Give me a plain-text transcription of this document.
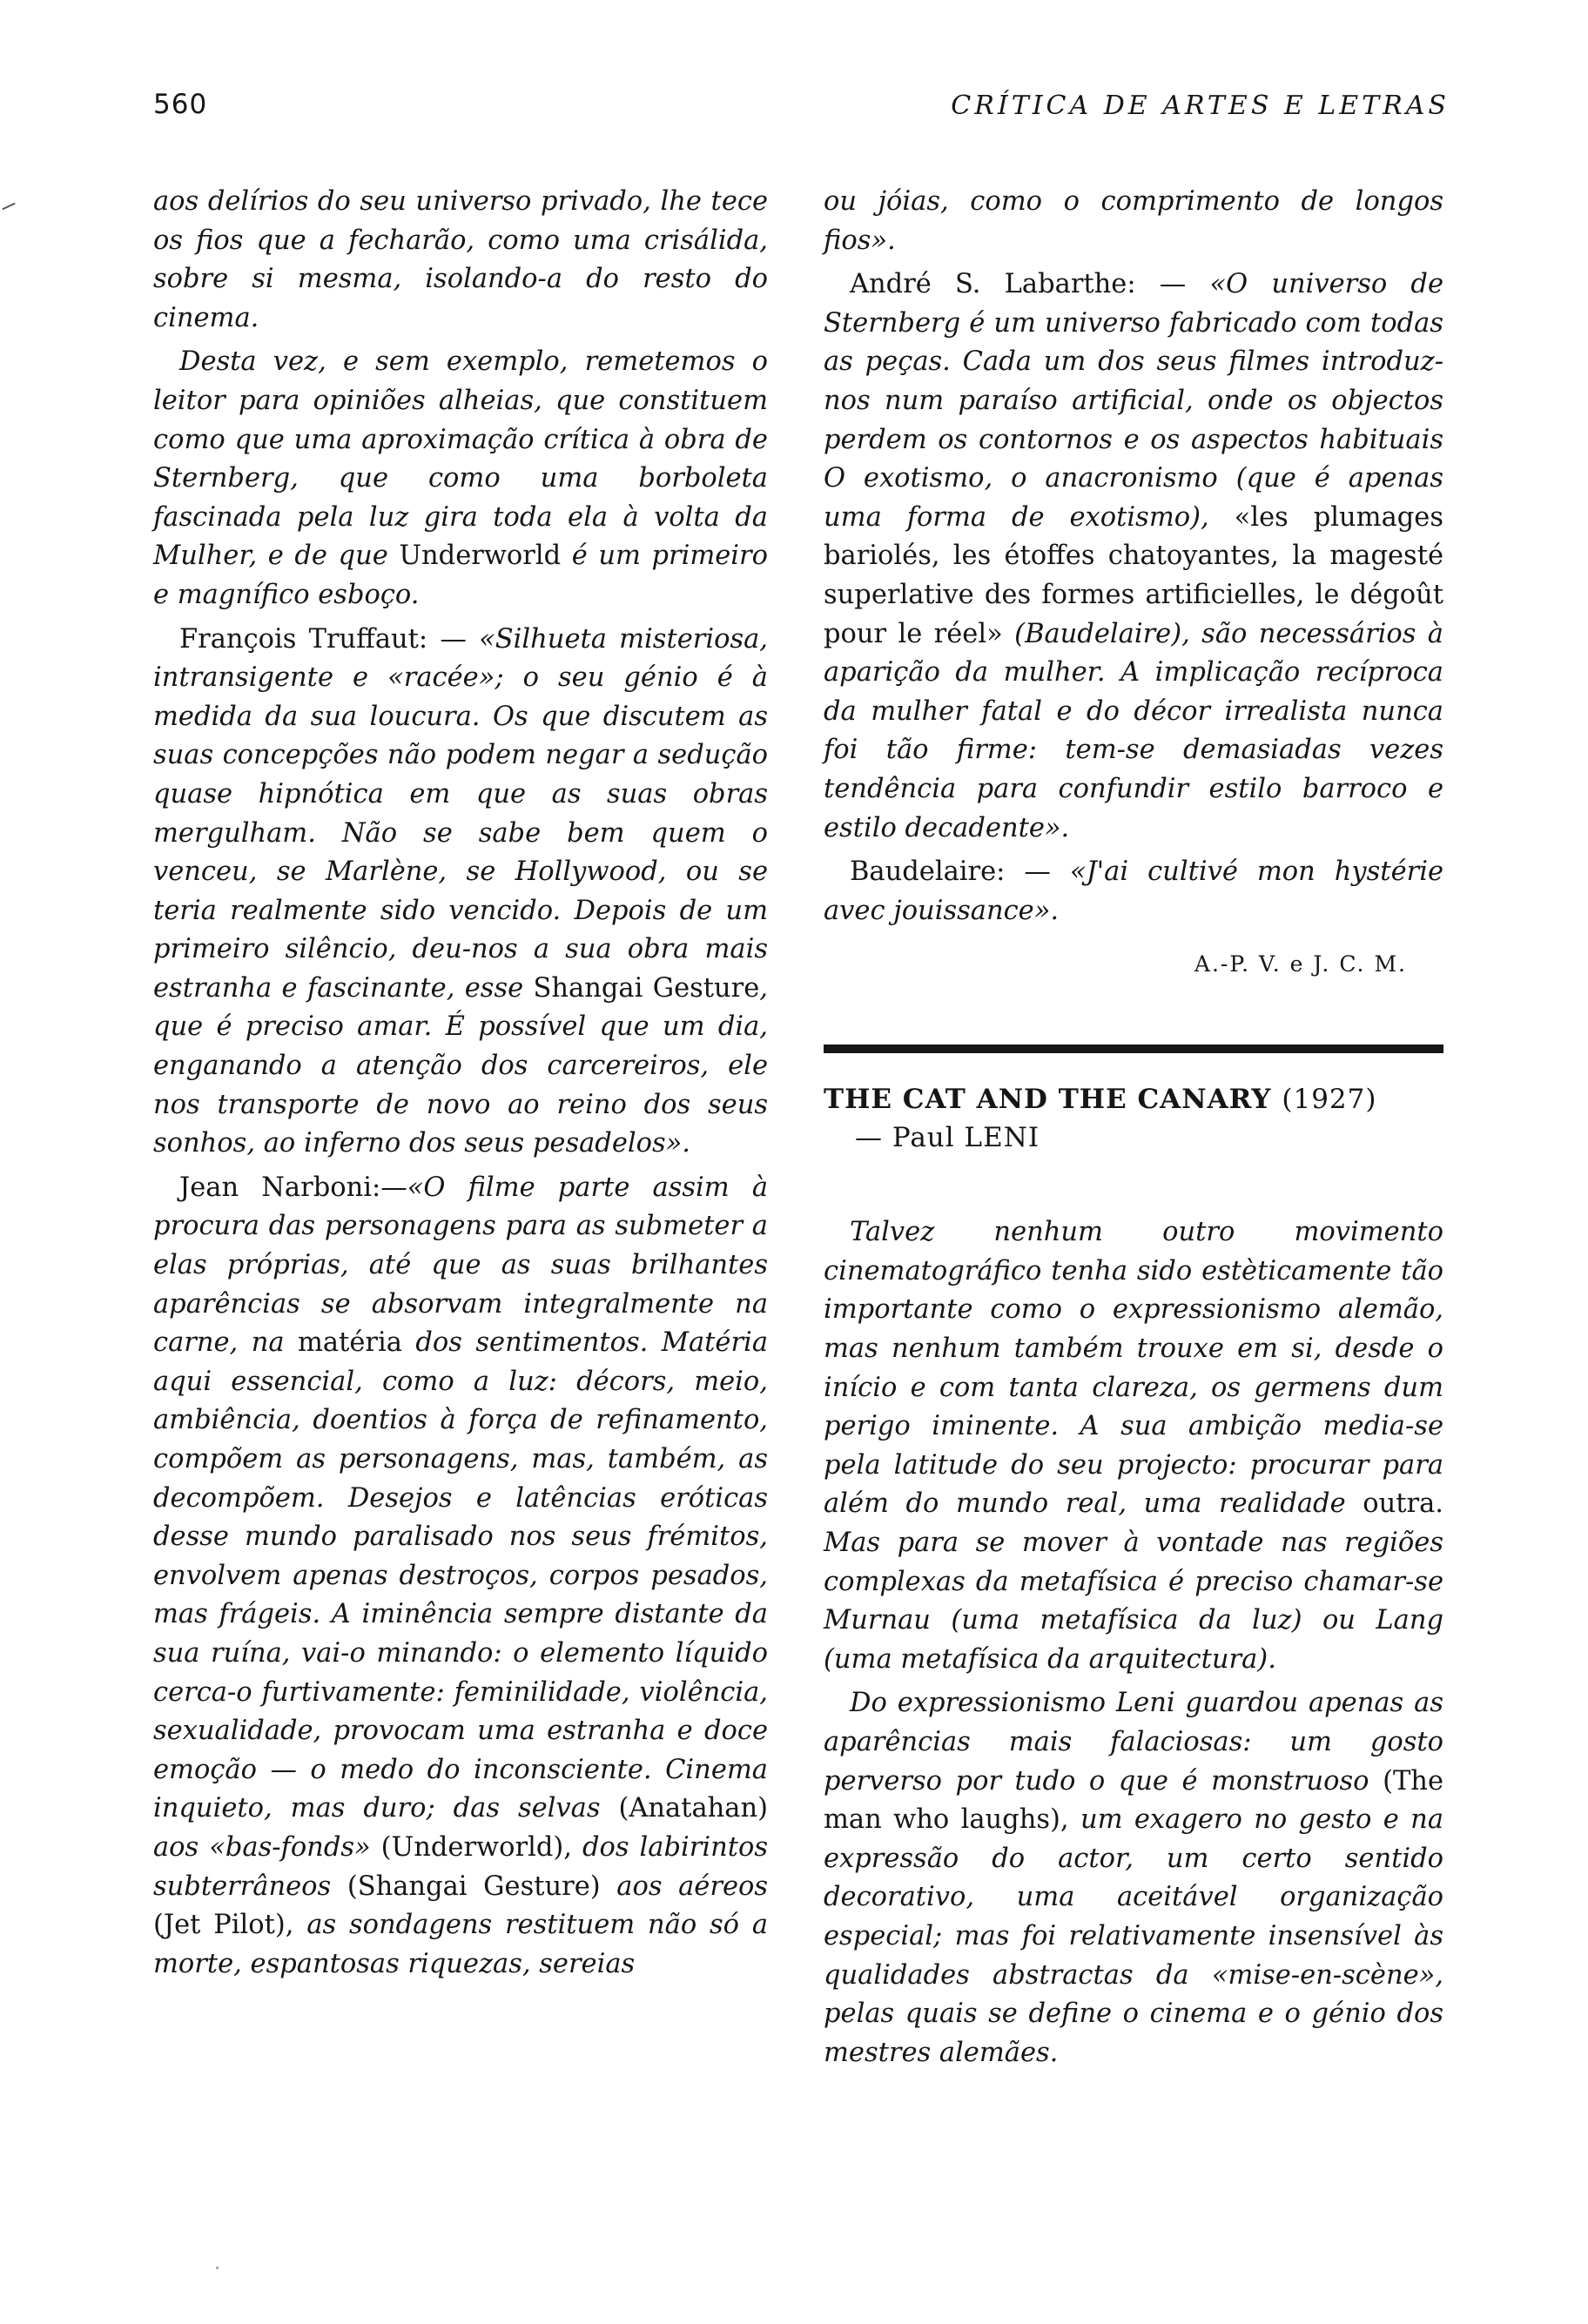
560	CRÍTICA DE ARTES E LETRAS

aos delírios do seu universo privado, lhe tece os fios que a fecharão, como uma crisálida, sobre si mesma, isolando-a do resto do cinema.

Desta vez, e sem exemplo, remetemos o leitor para opiniões alheias, que constituem como que uma aproximação crítica à obra de Sternberg, que como uma borboleta fascinada pela luz gira toda ela à volta da Mulher, e de que Underworld é um primeiro e magnífico esboço.

François Truffaut: — «Silhueta misteriosa, intransigente e «racée»; o seu génio é à medida da sua loucura. Os que discutem as suas concepções não podem negar a sedução quase hipnótica em que as suas obras mergulham. Não se sabe bem quem o venceu, se Marlène, se Hollywood, ou se teria realmente sido vencido. Depois de um primeiro silêncio, deu-nos a sua obra mais estranha e fascinante, esse Shangai Gesture, que é preciso amar. É possível que um dia, enganando a atenção dos carcereiros, ele nos transporte de novo ao reino dos seus sonhos, ao inferno dos seus pesadelos».

Jean Narboni:—«O filme parte assim à procura das personagens para as submeter a elas próprias, até que as suas brilhantes aparências se absorvam integralmente na carne, na matéria dos sentimentos. Matéria aqui essencial, como a luz: décors, meio, ambiência, doentios à força de refinamento, compõem as personagens, mas, também, as decompõem. Desejos e latências eróticas desse mundo paralisado nos seus frémitos, envolvem apenas destroços, corpos pesados, mas frágeis. A iminência sempre distante da sua ruína, vai-o minando: o elemento líquido cerca-o furtivamente: feminilidade, violência, sexualidade, provocam uma estranha e doce emoção — o medo do inconsciente. Cinema inquieto, mas duro; das selvas (Anatahan) aos «bas-fonds» (Underworld), dos labirintos subterrâneos (Shangai Gesture) aos aéreos (Jet Pilot), as sondagens restituem não só a morte, espantosas riquezas, sereias

ou jóias, como o comprimento de longos fios».

André S. Labarthe: — «O universo de Sternberg é um universo fabricado com todas as peças. Cada um dos seus filmes introduz-nos num paraíso artificial, onde os objectos perdem os contornos e os aspectos habituais O exotismo, o anacronismo (que é apenas uma forma de exotismo), «les plumages bariolés, les étoffes chatoyantes, la magesté superlative des formes artificielles, le dégoût pour le réel» (Baudelaire), são necessários à aparição da mulher. A implicação recíproca da mulher fatal e do décor irrealista nunca foi tão firme: tem-se demasiadas vezes tendência para confundir estilo barroco e estilo decadente».

Baudelaire: — «J'ai cultivé mon hystérie avec jouissance».

A.-P. V. e J. C. M.
THE CAT AND THE CANARY (1927)
— Paul LENI

Talvez nenhum outro movimento cinematográfico tenha sido estèticamente tão importante como o expressionismo alemão, mas nenhum também trouxe em si, desde o início e com tanta clareza, os germens dum perigo iminente. A sua ambição media-se pela latitude do seu projecto: procurar para além do mundo real, uma realidade outra. Mas para se mover à vontade nas regiões complexas da metafísica é preciso chamar-se Murnau (uma metafísica da luz) ou Lang (uma metafísica da arquitectura).

Do expressionismo Leni guardou apenas as aparências mais falaciosas: um gosto perverso por tudo o que é monstruoso (The man who laughs), um exagero no gesto e na expressão do actor, um certo sentido decorativo, uma aceitável organização especial; mas foi relativamente insensível às qualidades abstractas da «mise-en-scène», pelas quais se define o cinema e o génio dos mestres alemães.
